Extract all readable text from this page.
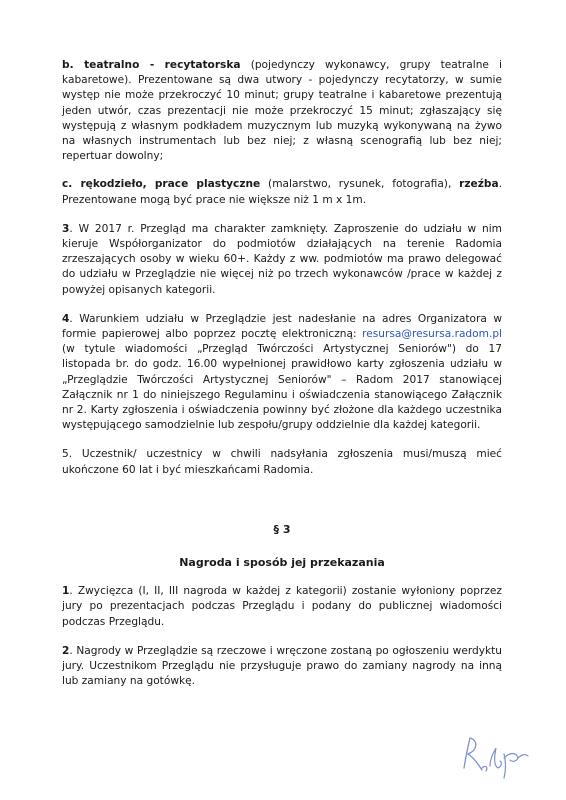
b. teatralno - recytatorska (pojedynczy wykonawcy, grupy teatralne i kabaretowe). Prezentowane są dwa utwory - pojedynczy recytatorzy, w sumie występ nie może przekroczyć 10 minut; grupy teatralne i kabaretowe prezentują jeden utwór, czas prezentacji nie może przekroczyć 15 minut; zgłaszający się występują z własnym podkładem muzycznym lub muzyką wykonywaną na żywo na własnych instrumentach lub bez niej; z własną scenografią lub bez niej; repertuar dowolny;

c. rękodzieło, prace plastyczne (malarstwo, rysunek, fotografia), rzeźba. Prezentowane mogą być prace nie większe niż 1 m x 1m.

3. W 2017 r. Przegląd ma charakter zamknięty. Zaproszenie do udziału w nim kieruje Współorganizator do podmiotów działających na terenie Radomia zrzeszających osoby w wieku 60+. Każdy z ww. podmiotów ma prawo delegować do udziału w Przeglądzie nie więcej niż po trzech wykonawców /prace w każdej z powyżej opisanych kategorii.

4. Warunkiem udziału w Przeglądzie jest nadesłanie na adres Organizatora w formie papierowej albo poprzez pocztę elektroniczną: resursa@resursa.radom.pl (w tytule wiadomości „Przegląd Twórczości Artystycznej Seniorów") do 17 listopada br. do godz. 16.00 wypełnionej prawidłowo karty zgłoszenia udziału w „Przeglądzie Twórczości Artystycznej Seniorów" – Radom 2017 stanowiącej Załącznik nr 1 do niniejszego Regulaminu i oświadczenia stanowiącego Załącznik nr 2. Karty zgłoszenia i oświadczenia powinny być złożone dla każdego uczestnika występującego samodzielnie lub zespołu/grupy oddzielnie dla każdej kategorii.

5. Uczestnik/ uczestnicy w chwili nadsyłania zgłoszenia musi/muszą mieć ukończone 60 lat i być mieszkańcami Radomia.

§ 3
Nagroda i sposób jej przekazania

1. Zwycięzca (I, II, III nagroda w każdej z kategorii) zostanie wyłoniony poprzez jury po prezentacjach podczas Przeglądu i podany do publicznej wiadomości podczas Przeglądu.

2. Nagrody w Przeglądzie są rzeczowe i wręczone zostaną po ogłoszeniu werdyktu jury. Uczestnikom Przeglądu nie przysługuje prawo do zamiany nagrody na inną lub zamiany na gotówkę.
